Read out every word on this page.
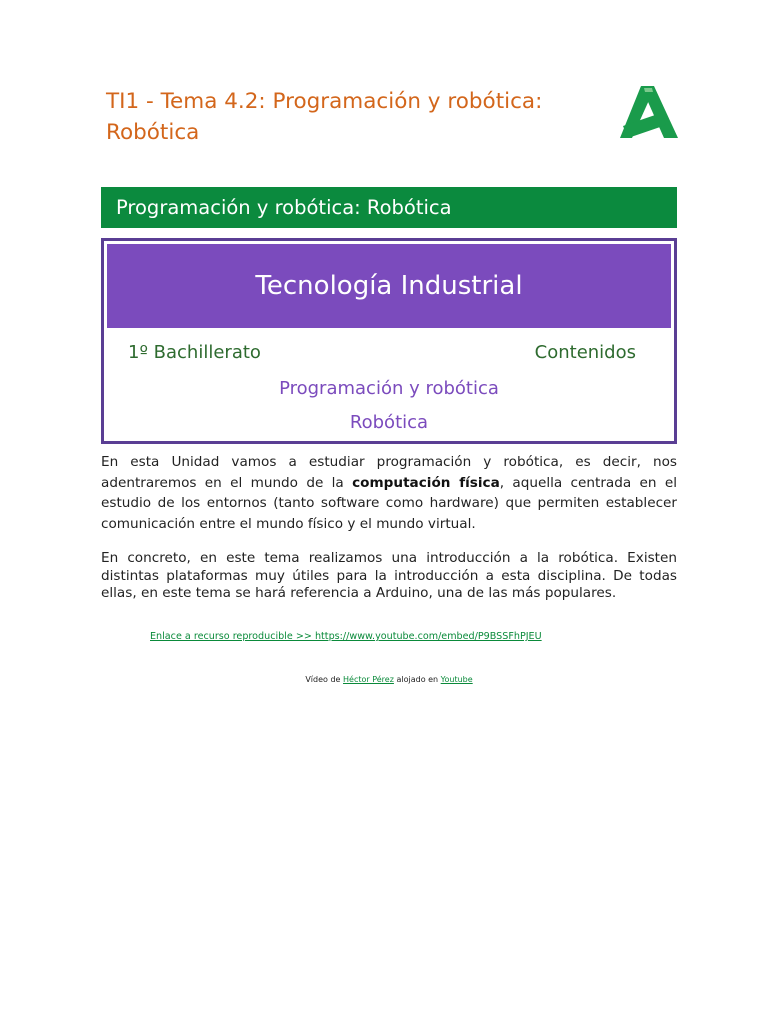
TI1 - Tema 4.2: Programación y robótica: Robótica
Programación y robótica: Robótica
Tecnología Industrial
1º Bachillerato	Contenidos
Programación y robótica
Robótica

En esta Unidad vamos a estudiar programación y robótica, es decir, nos adentraremos en el mundo de la computación física, aquella centrada en el estudio de los entornos (tanto software como hardware) que permiten establecer comunicación entre el mundo físico y el mundo virtual.

En concreto, en este tema realizamos una introducción a la robótica. Existen distintas plataformas muy útiles para la introducción a esta disciplina. De todas ellas, en este tema se hará referencia a Arduino, una de las más populares.

Enlace a recurso reproducible >> https://www.youtube.com/embed/P9BSSFhPJEU
Vídeo de Héctor Pérez alojado en Youtube
